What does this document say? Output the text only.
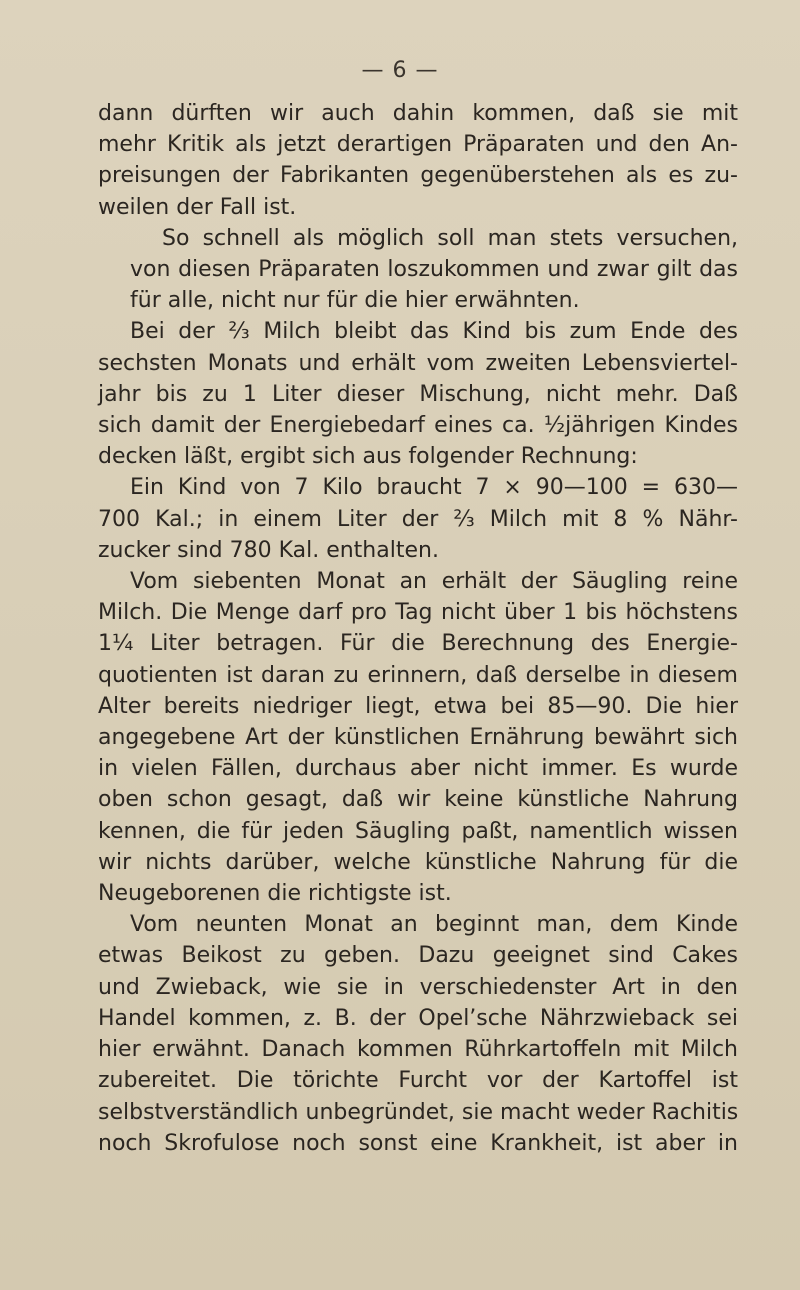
— 6 —

dann dürften wir auch dahin kommen, daß sie mit
mehr Kritik als jetzt derartigen Präparaten und den An-
preisungen der Fabrikanten gegenüberstehen als es zu-
weilen der Fall ist.

So schnell als möglich soll man stets versuchen,
von diesen Präparaten loszukommen und zwar gilt das
für alle, nicht nur für die hier erwähnten.

Bei der ⅔ Milch bleibt das Kind bis zum Ende des
sechsten Monats und erhält vom zweiten Lebensviertel-
jahr bis zu 1 Liter dieser Mischung, nicht mehr. Daß
sich damit der Energiebedarf eines ca. ½jährigen Kindes
decken läßt, ergibt sich aus folgender Rechnung:

Ein Kind von 7 Kilo braucht 7 × 90—100 = 630—
700 Kal.; in einem Liter der ⅔ Milch mit 8 % Nähr-
zucker sind 780 Kal. enthalten.

Vom siebenten Monat an erhält der Säugling reine
Milch. Die Menge darf pro Tag nicht über 1 bis höchstens
1¼ Liter betragen. Für die Berechnung des Energie-
quotienten ist daran zu erinnern, daß derselbe in diesem
Alter bereits niedriger liegt, etwa bei 85—90. Die hier
angegebene Art der künstlichen Ernährung bewährt sich
in vielen Fällen, durchaus aber nicht immer. Es wurde
oben schon gesagt, daß wir keine künstliche Nahrung
kennen, die für jeden Säugling paßt, namentlich wissen
wir nichts darüber, welche künstliche Nahrung für die
Neugeborenen die richtigste ist.

Vom neunten Monat an beginnt man, dem Kinde
etwas Beikost zu geben. Dazu geeignet sind Cakes
und Zwieback, wie sie in verschiedenster Art in den
Handel kommen, z. B. der Opel’sche Nährzwieback sei
hier erwähnt. Danach kommen Rührkartoffeln mit Milch
zubereitet. Die törichte Furcht vor der Kartoffel ist
selbstverständlich unbegründet, sie macht weder Rachitis
noch Skrofulose noch sonst eine Krankheit, ist aber in
